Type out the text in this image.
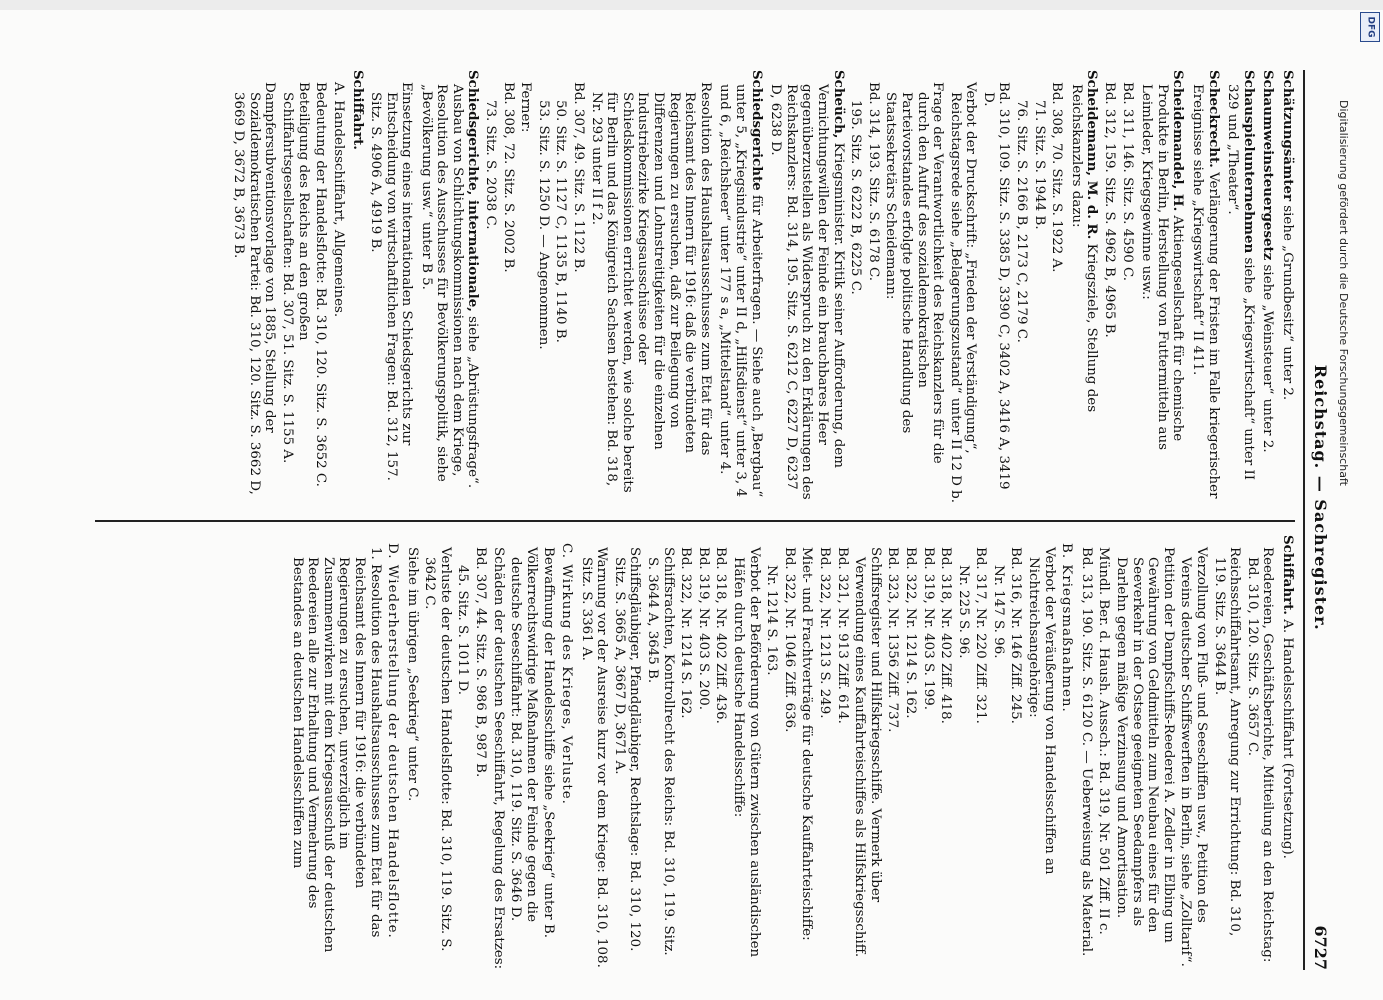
DFG
Digitalisierung gefördert durch die Deutsche Forschungsgemeinschaft
Reichstag. — Sachregister.
6727

Schätzungsämter siehe „Grundbesitz“ unter 2.

Schaumweinsteuergesetz siehe „Weinsteuer“ unter 2.

Schauspielunternehmen siehe „Kriegswirtschaft“ unter II 329 und „Theater“.

Scheckrecht. Verlängerung der Fristen im Falle kriegerischer Ereignisse siehe „Kriegswirtschaft“ II 411.

Scheidemandel, H. Aktiengesellschaft für chemische Produkte in Berlin, Herstellung von Futtermitteln aus Leimleder, Kriegsgewinne usw.:

Bd. 311, 146. Sitz. S. 4590 C.

Bd. 312, 159. Sitz. S. 4962 B, 4965 B.

Scheidemann, M. d. R. Kriegsziele, Stellung des Reichskanzlers dazu:

Bd. 308, 70. Sitz. S. 1922 A.

71. Sitz. S. 1944 B.

76. Sitz. S. 2166 B, 2173 C, 2179 C.

Bd. 310, 109. Sitz. S. 3385 D, 3390 C, 3402 A, 3416 A, 3419 D.

Verbot der Druckschrift: „Frieden der Verständigung“, Reichstagsrede siehe „Belagerungszustand“ unter II 12 D b.

Frage der Verantwortlichkeit des Reichskanzlers für die durch den Aufruf des sozialdemokratischen Parteivorstandes erfolgte politische Handlung des Staatssekretärs Scheidemann:

Bd. 314, 193. Sitz. S. 6178 C.

195. Sitz. S. 6222 B, 6225 C.

Scheüch, Kriegsminister. Kritik seiner Aufforderung, dem Vernichtungswillen der Feinde ein brauchbares Heer gegenüberzustellen als Widerspruch zu den Erklärungen des Reichskanzlers: Bd. 314, 195. Sitz. S. 6212 C, 6227 D, 6237 D, 6238 D.

Schiedsgerichte für Arbeiterfragen. — Siehe auch „Bergbau“ unter 5, „Kriegsindustrie“ unter II d, „Hilfsdienst“ unter 3, 4 und 6, „Reichsheer“ unter 177 s a, „Mittelstand“ unter 4.

Resolution des Haushaltsausschusses zum Etat für das Reichsamt des Innern für 1916: daß die verbündeten Regierungen zu ersuchen, daß zur Beilegung von Differenzen und Lohnstreitigkeiten für die einzelnen Industriebezirke Kriegsausschüsse oder Schiedskommissionen errichtet werden, wie solche bereits für Berlin und das Königreich Sachsen bestehen: Bd. 318, Nr. 293 unter II f 2.

Bd. 307, 49. Sitz. S. 1122 B.

50. Sitz. S. 1127 C, 1135 B, 1140 B.

53. Sitz. S. 1250 D. — Angenommen.

Ferner:

Bd. 308, 72. Sitz. S. 2002 B.

73. Sitz. S. 2038 C.

Schiedsgerichte, internationale, siehe „Abrüstungsfrage“. Ausbau von Schlichtungskommissionen nach dem Kriege, Resolution des Ausschusses für Bevölkerungspolitik, siehe „Bevölkerung usw.“ unter B 5.

Einsetzung eines internationalen Schiedsgerichts zur Entscheidung von wirtschaftlichen Fragen: Bd. 312, 157. Sitz. S. 4906 A, 4919 B.

Schiffahrt.

A. Handelsschiffahrt, Allgemeines.

Bedeutung der Handelsflotte: Bd. 310, 120. Sitz. S. 3652 C.

Beteiligung des Reichs an den großen Schiffahrtsgesellschaften: Bd. 307, 51. Sitz. S. 1155 A.

Dampfersubventionsvorlage von 1885, Stellung der Sozialdemokratischen Partei: Bd. 310, 120. Sitz. S. 3662 D, 3669 D, 3672 B, 3673 B.

Schiffahrt. A. Handelsschiffahrt (Fortsetzung).

Reedereien, Geschäftsberichte, Mitteilung an den Reichstag: Bd. 310, 120. Sitz. S. 3657 C.

Reichsschiffahrtsamt, Anregung zur Errichtung: Bd. 310, 119. Sitz. S. 3644 B.

Verzollung von Fluß- und Seeschiffen usw., Petition des Vereins deutscher Schiffswerften in Berlin, siehe „Zolltarif“.

Petition der Dampfschiffs-Reederei A. Zedler in Elbing um Gewährung von Geldmitteln zum Neubau eines für den Seeverkehr in der Ostsee geeigneten Seedampfers als Darlehn gegen mäßige Verzinsung und Amortisation.

Mündl. Ber. d. Haush. Aussch.: Bd. 319, Nr. 501 Ziff. II c.

Bd. 313, 190. Sitz. S. 6120 C. — Ueberweisung als Material.

B. Kriegsmaßnahmen.

Verbot der Veräußerung von Handelsschiffen an Nichtreichsangehörige:

Bd. 316, Nr. 146 Ziff. 245.

Nr. 147 S. 96.

Bd. 317, Nr. 220 Ziff. 321.

Nr. 225 S. 96.

Bd. 318, Nr. 402 Ziff. 418.

Bd. 319, Nr. 403 S. 199.

Bd. 322, Nr. 1214 S. 162.

Bd. 323, Nr. 1356 Ziff. 737.

Schiffsregister und Hilfskriegsschiffe. Vermerk über Verwendung eines Kauffahrteischiffes als Hilfskriegsschiff.

Bd. 321, Nr. 913 Ziff. 614.

Bd. 322, Nr. 1213 S. 249.

Miet- und Frachtverträge für deutsche Kauffahrteischiffe:

Bd. 322, Nr. 1046 Ziff. 636.

Nr. 1214 S. 163.

Verbot der Beförderung von Gütern zwischen ausländischen Häfen durch deutsche Handelsschiffe:

Bd. 318, Nr. 402 Ziff. 436.

Bd. 319, Nr. 403 S. 200.

Bd. 322, Nr. 1214 S. 162.

Schiffsrachten, Kontrollrecht des Reichs: Bd. 310, 119. Sitz. S. 3644 A, 3645 B.

Schiffsgläubiger, Pfandgläubiger, Rechtslage: Bd. 310, 120. Sitz. S. 3665 A, 3667 D, 3671 A.

Warnung vor der Ausreise kurz vor dem Kriege: Bd. 310, 108. Sitz. S. 3361 A.

C. Wirkung des Krieges, Verluste.

Bewaffnung der Handelsschiffe siehe „Seekrieg“ unter B.

Völkerrechtswidrige Maßnahmen der Feinde gegen die deutsche Seeschiffahrt: Bd. 310, 119. Sitz. S. 3646 D.

Schäden der deutschen Seeschiffahrt, Regelung des Ersatzes:

Bd. 307, 44. Sitz. S. 986 B, 987 B.

45. Sitz. S. 1011 D.

Verluste der deutschen Handelsflotte: Bd. 310, 119. Sitz. S. 3642 C.

Siehe im übrigen „Seekrieg“ unter C.

D. Wiederherstellung der deutschen Handelsflotte.

1. Resolution des Haushaltsausschusses zum Etat für das Reichsamt des Innern für 1916: die verbündeten Regierungen zu ersuchen, unverzüglich im Zusammenwirken mit dem Kriegsausschuß der deutschen Reedereien alle zur Erhaltung und Vermehrung des Bestandes an deutschen Handelsschiffen zum
